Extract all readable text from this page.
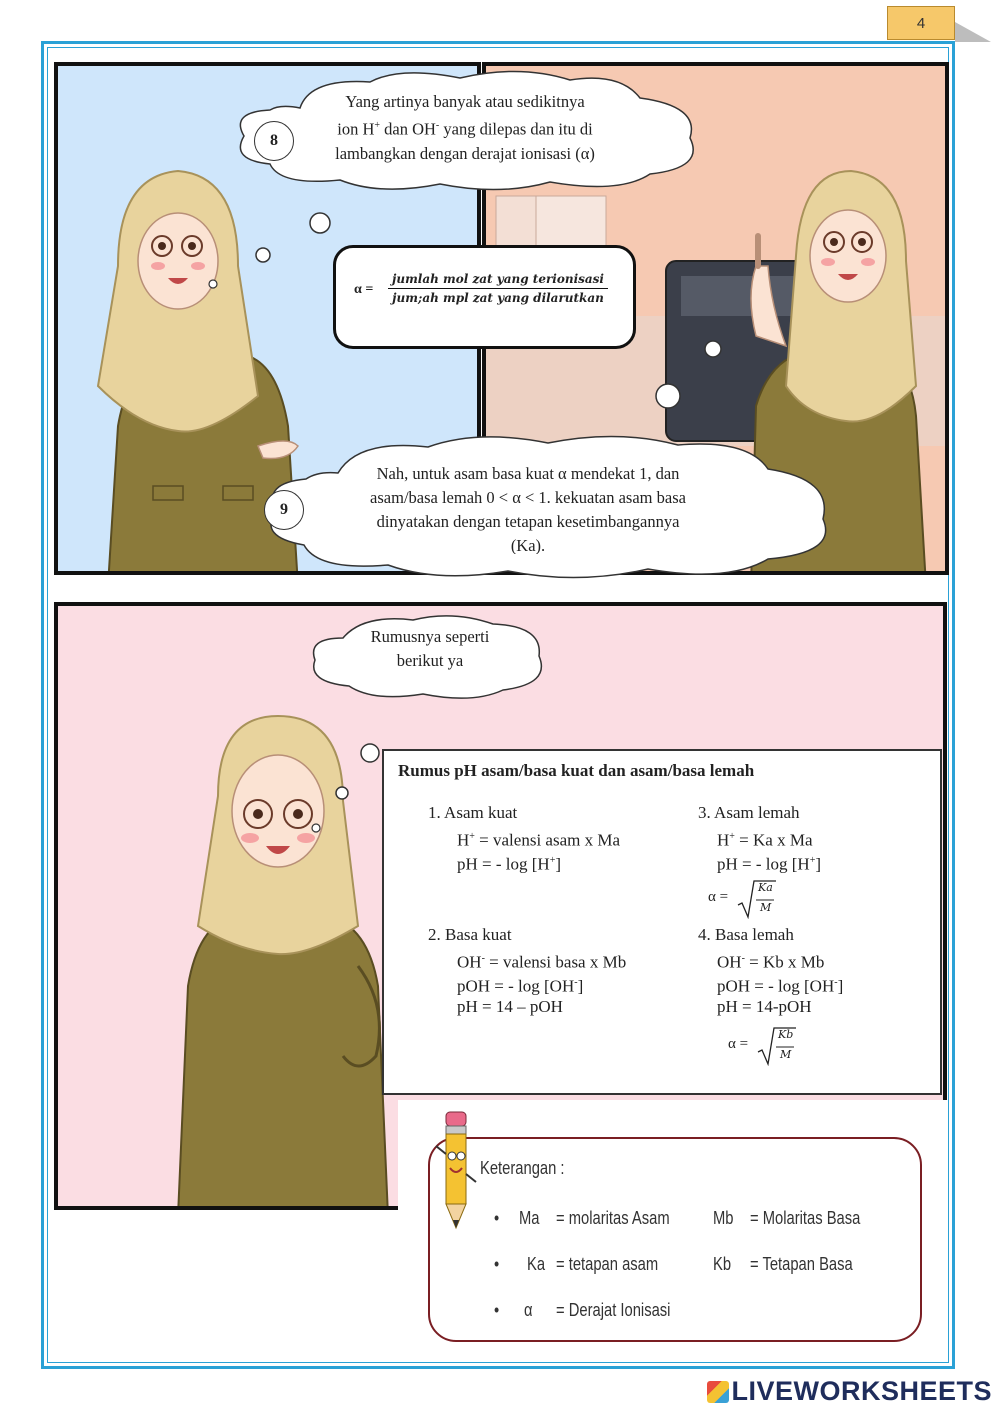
4
8
Yang artinya banyak atau sedikitnya
ion H+ dan OH- yang dilepas dan itu di
lambangkan dengan derajat ionisasi (α)
α =
jumlah mol zat yang terionisasi
jum;ah mpl zat yang dilarutkan
9
Nah, untuk asam basa kuat α mendekat 1, dan
asam/basa lemah 0 < α < 1. kekuatan asam basa
dinyatakan dengan tetapan kesetimbangannya
(Ka).
Rumusnya seperti
berikut ya
Rumus pH asam/basa kuat dan asam/basa lemah
1. Asam kuat
H+ = valensi asam x Ma
pH = - log [H+]
2. Basa kuat
OH- = valensi basa x Mb
pOH = - log [OH-]
pH = 14 – pOH
3. Asam lemah
H+ = Ka x Ma
pH = - log [H+]
α =
Ka
M
4. Basa lemah
OH- = Kb x Mb
pOH = - log [OH-]
pH = 14-pOH
α =
Kb
M
Keterangan :
• Ma = molaritas Asam Mb = Molaritas Basa
• Ka = tetapan asam	Kb = Tetapan Basa
• α = Derajat Ionisasi
LIVEWORKSHEETS
